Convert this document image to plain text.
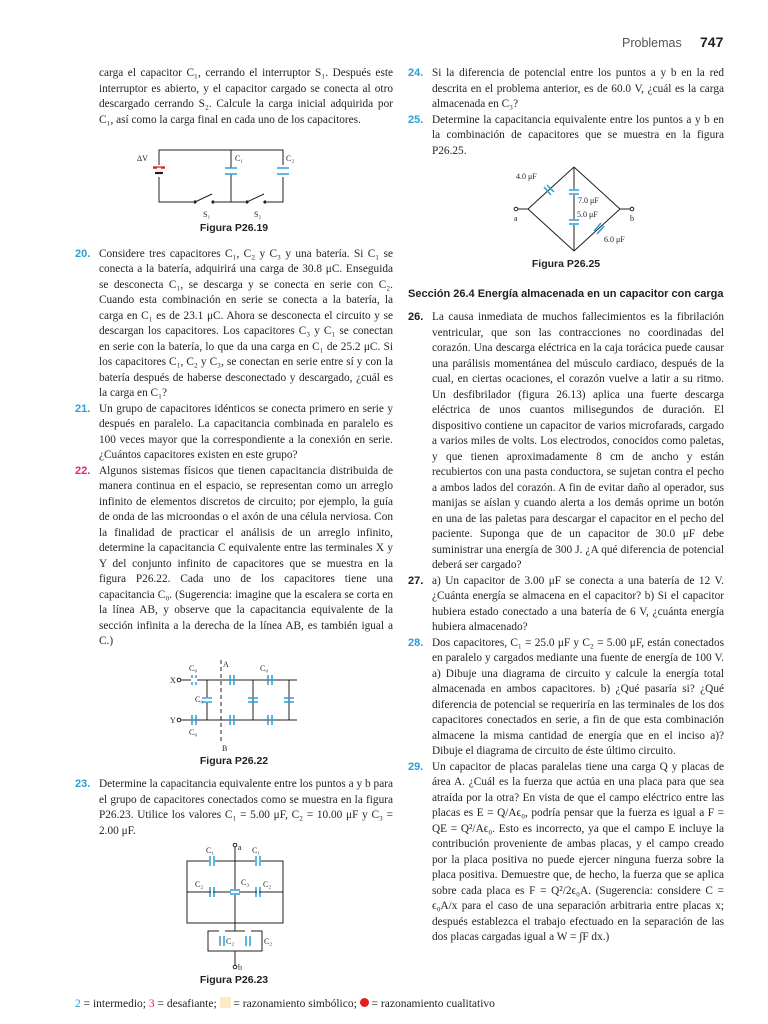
Problemas 747

carga el capacitor C₁, cerrando el interruptor S₁. Después este interruptor es abierto, y el capacitor cargado se conecta al otro descargado cerrando S₂. Calcule la carga inicial adquirida por C₁, así como la carga final en cada uno de los capacitores.

ΔV	C₁	C₂
S₁	S₂
Figura P26.19
20. Considere tres capacitores C₁, C₂ y C₃ y una batería. Si C₁ se conecta a la batería, adquirirá una carga de 30.8 μC. Enseguida se desconecta C₁, se descarga y se conecta en serie con C₂. Cuando esta combinación en serie se conecta a la batería, la carga en C₁ es de 23.1 μC. Ahora se desconecta el circuito y se descargan los capacitores. Los capacitores C₃ y C₁ se conectan en serie con la batería, lo que da una carga en C₁ de 25.2 μC. Si los capacitores C₁, C₂ y C₃, se conectan en serie entre sí y con la batería después de haberse desconectado y descargado, ¿cuál es la carga en C₁?
21. Un grupo de capacitores idénticos se conecta primero en serie y después en paralelo. La capacitancia combinada en paralelo es 100 veces mayor que la correspondiente a la conexión en serie. ¿Cuántos capacitores existen en este grupo?
22. Algunos sistemas físicos que tienen capacitancia distribuida de manera continua en el espacio, se representan como un arreglo infinito de elementos discretos de circuito; por ejemplo, la guía de onda de las microondas o el axón de una célula nerviosa. Con la finalidad de practicar el análisis de un arreglo infinito, determine la capacitancia C equivalente entre las terminales X y Y del conjunto infinito de capacitores que se muestra en la figura P26.22. Cada uno de los capacitores tiene una capacitancia C₀. (Sugerencia: imagine que la escalera se corta en la línea AB, y observe que la capacitancia equivalente de la sección infinita a la derecha de la línea AB, es también igual a C.)
A
B
X
Y
C₀	C₀
C₀
C₀
Figura P26.22
23. Determine la capacitancia equivalente entre los puntos a y b para el grupo de capacitores conectados como se muestra en la figura P26.23. Utilice los valores C₁ = 5.00 μF, C₂ = 10.00 μF y C₃ = 2.00 μF.
a
b
C₁	C₁
C₂	C₂
C₃
C₂	C₂
Figura P26.23
24. Si la diferencia de potencial entre los puntos a y b en la red descrita en el problema anterior, es de 60.0 V, ¿cuál es la carga almacenada en C₃?
25. Determine la capacitancia equivalente entre los puntos a y b en la combinación de capacitores que se muestra en la figura P26.25.
4.0 μF
7.0 μF
5.0 μF
6.0 μF
a	b
Figura P26.25
Sección 26.4 Energía almacenada en un capacitor con carga
26. La causa inmediata de muchos fallecimientos es la fibrilación ventricular, que son las contracciones no coordinadas del corazón. Una descarga eléctrica en la caja torácica puede causar una parálisis momentánea del músculo cardiaco, después de la cual, en ciertas ocaciones, el corazón vuelve a latir a su ritmo. Un desfibrilador (figura 26.13) aplica una fuerte descarga eléctrica de unos cuantos milisegundos de duración. El dispositivo contiene un capacitor de varios microfarads, cargado a varios miles de volts. Los electrodos, conocidos como paletas, y que tienen aproximadamente 8 cm de ancho y están recubiertos con una pasta conductora, se sujetan contra el pecho a ambos lados del corazón. A fin de evitar daño al operador, sus manijas se aíslan y cuando alerta a los demás oprime un botón en una de las paletas para descargar el capacitor en el pecho del paciente. Suponga que de un capacitor de 30.0 μF debe suministrar una energía de 300 J. ¿A qué diferencia de potencial deberá ser cargado?
27. a) Un capacitor de 3.00 μF se conecta a una batería de 12 V. ¿Cuánta energía se almacena en el capacitor? b) Si el capacitor hubiera estado conectado a una batería de 6 V, ¿cuánta energía hubiera almacenado?
28. Dos capacitores, C₁ = 25.0 μF y C₂ = 5.00 μF, están conectados en paralelo y cargados mediante una fuente de energía de 100 V. a) Dibuje una diagrama de circuito y calcule la energía total almacenada en ambos capacitores. b) ¿Qué pasaría si? ¿Qué diferencia de potencial se requeriría en las terminales de los dos capacitores conectados en serie, a fin de que esta combinación almacene la misma cantidad de energía que en el inciso a)? Dibuje el diagrama de circuito de éste último circuito.
29. Un capacitor de placas paralelas tiene una carga Q y placas de área A. ¿Cuál es la fuerza que actúa en una placa para que sea atraída por la otra? En vista de que el campo eléctrico entre las placas es E = Q/Aϵ₀, podría pensar que la fuerza es igual a F = QE = Q²/Aϵ₀. Esto es incorrecto, ya que el campo E incluye la contribución proveniente de ambas placas, y el campo creado por la placa positiva no puede ejercer ninguna fuerza sobre la placa positiva. Demuestre que, de hecho, la fuerza que se aplica sobre cada placa es F = Q²/2ϵ₀A. (Sugerencia: considere C = ϵ₀A/x para el caso de una separación arbitraria entre placas x; después establezca el trabajo efectuado en la separación de las dos placas cargadas igual a W = ∫F dx.)
2 = intermedio; 3 = desafiante; = razonamiento simbólico; = razonamiento cualitativo
